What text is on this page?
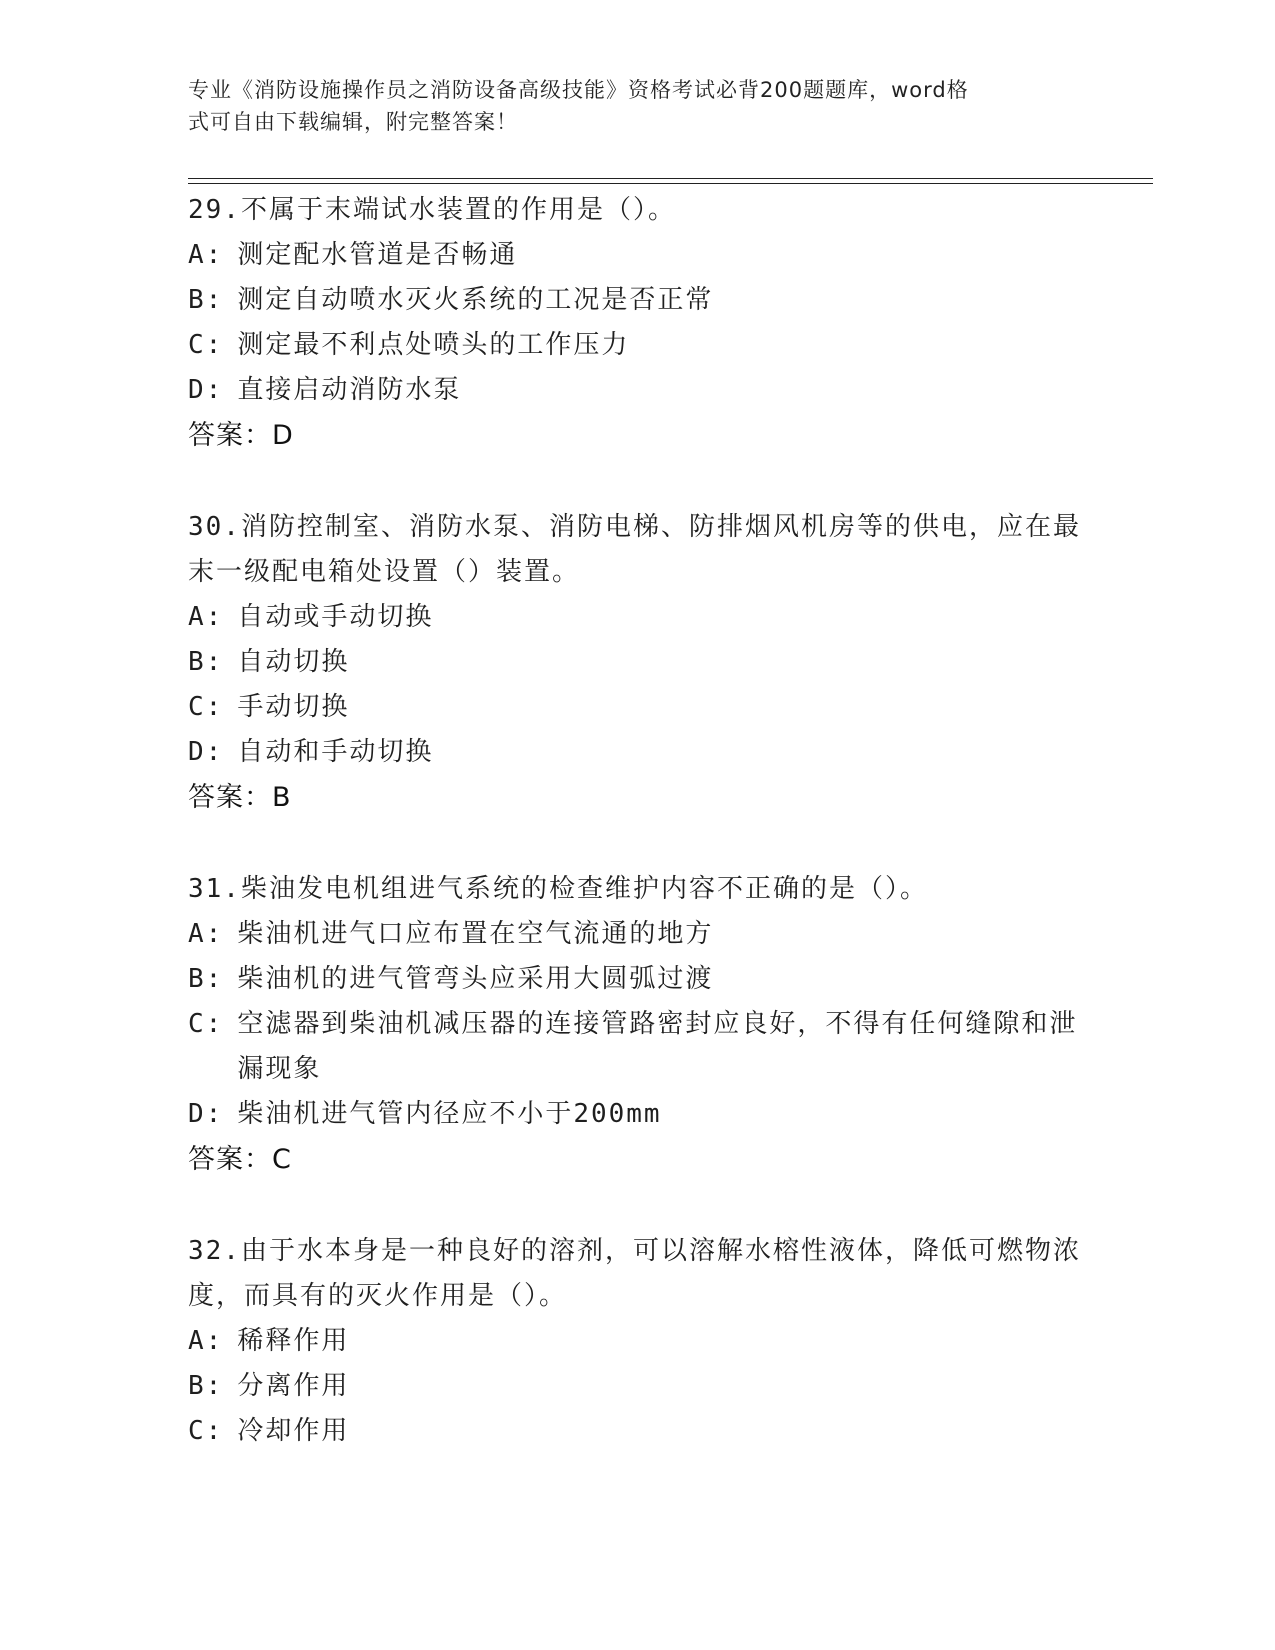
专业《消防设施操作员之消防设备高级技能》资格考试必背200题题库，word格
式可自由下载编辑，附完整答案！
29.不属于末端试水装置的作用是（）。
A: 测定配水管道是否畅通
B: 测定自动喷水灭火系统的工况是否正常
C: 测定最不利点处喷头的工作压力
D: 直接启动消防水泵
答案：D
30.消防控制室、消防水泵、消防电梯、防排烟风机房等的供电，应在最末一级配电箱处设置（）装置。
A: 自动或手动切换
B: 自动切换
C: 手动切换
D: 自动和手动切换
答案：B
31.柴油发电机组进气系统的检查维护内容不正确的是（）。
A: 柴油机进气口应布置在空气流通的地方
B: 柴油机的进气管弯头应采用大圆弧过渡
C: 空滤器到柴油机减压器的连接管路密封应良好，不得有任何缝隙和泄漏现象
D: 柴油机进气管内径应不小于200mm
答案：C
32.由于水本身是一种良好的溶剂，可以溶解水榕性液体，降低可燃物浓度，而具有的灭火作用是（）。
A: 稀释作用
B: 分离作用
C: 冷却作用
